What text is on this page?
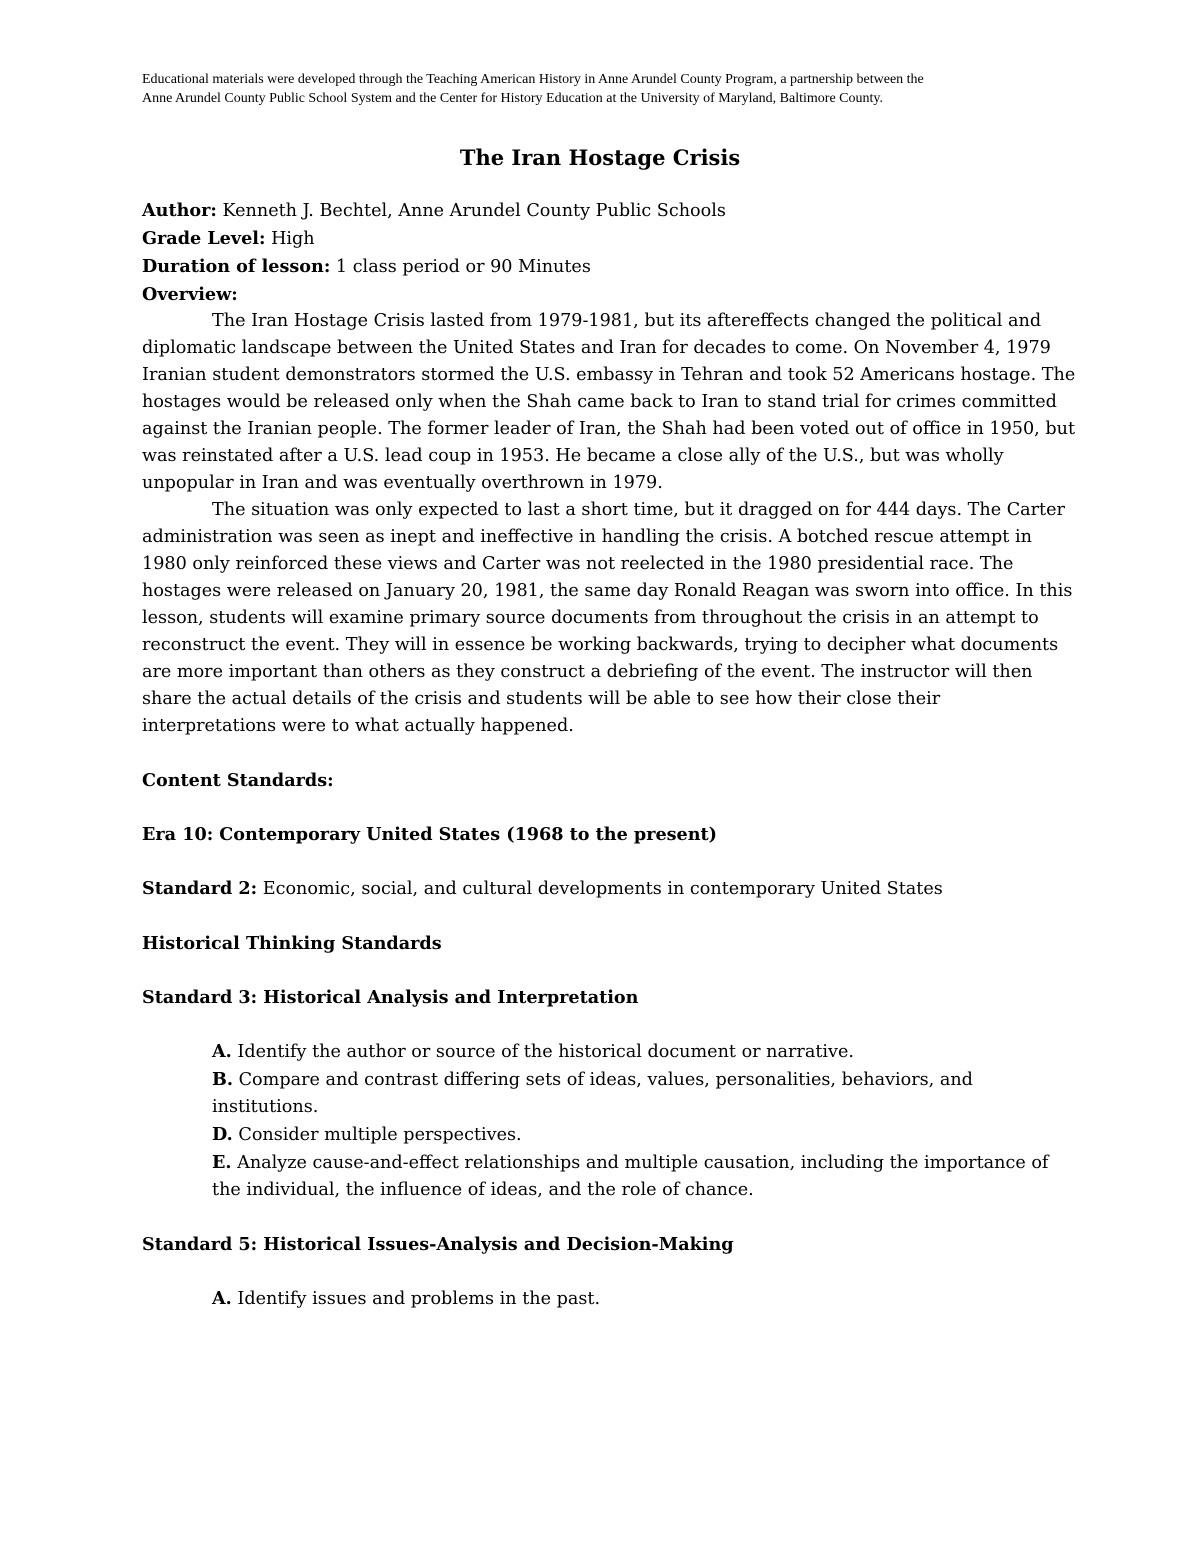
Educational materials were developed through the Teaching American History in Anne Arundel County Program, a partnership between the

Anne Arundel County Public School System and the Center for History Education at the University of Maryland, Baltimore County.

The Iran Hostage Crisis

Author: Kenneth J. Bechtel, Anne Arundel County Public Schools

Grade Level: High

Duration of lesson: 1 class period or 90 Minutes

Overview:

The Iran Hostage Crisis lasted from 1979-1981, but its aftereffects changed the political and diplomatic landscape between the United States and Iran for decades to come. On November 4, 1979 Iranian student demonstrators stormed the U.S. embassy in Tehran and took 52 Americans hostage. The hostages would be released only when the Shah came back to Iran to stand trial for crimes committed against the Iranian people. The former leader of Iran, the Shah had been voted out of office in 1950, but was reinstated after a U.S. lead coup in 1953. He became a close ally of the U.S., but was wholly unpopular in Iran and was eventually overthrown in 1979.

The situation was only expected to last a short time, but it dragged on for 444 days. The Carter administration was seen as inept and ineffective in handling the crisis. A botched rescue attempt in 1980 only reinforced these views and Carter was not reelected in the 1980 presidential race. The hostages were released on January 20, 1981, the same day Ronald Reagan was sworn into office. In this lesson, students will examine primary source documents from throughout the crisis in an attempt to reconstruct the event. They will in essence be working backwards, trying to decipher what documents are more important than others as they construct a debriefing of the event. The instructor will then share the actual details of the crisis and students will be able to see how their close their interpretations were to what actually happened.

Content Standards:

Era 10: Contemporary United States (1968 to the present)

Standard 2: Economic, social, and cultural developments in contemporary United States

Historical Thinking Standards

Standard 3: Historical Analysis and Interpretation

A. Identify the author or source of the historical document or narrative.

B. Compare and contrast differing sets of ideas, values, personalities, behaviors, and institutions.

D. Consider multiple perspectives.

E. Analyze cause-and-effect relationships and multiple causation, including the importance of the individual, the influence of ideas, and the role of chance.

Standard 5: Historical Issues-Analysis and Decision-Making

A. Identify issues and problems in the past.
